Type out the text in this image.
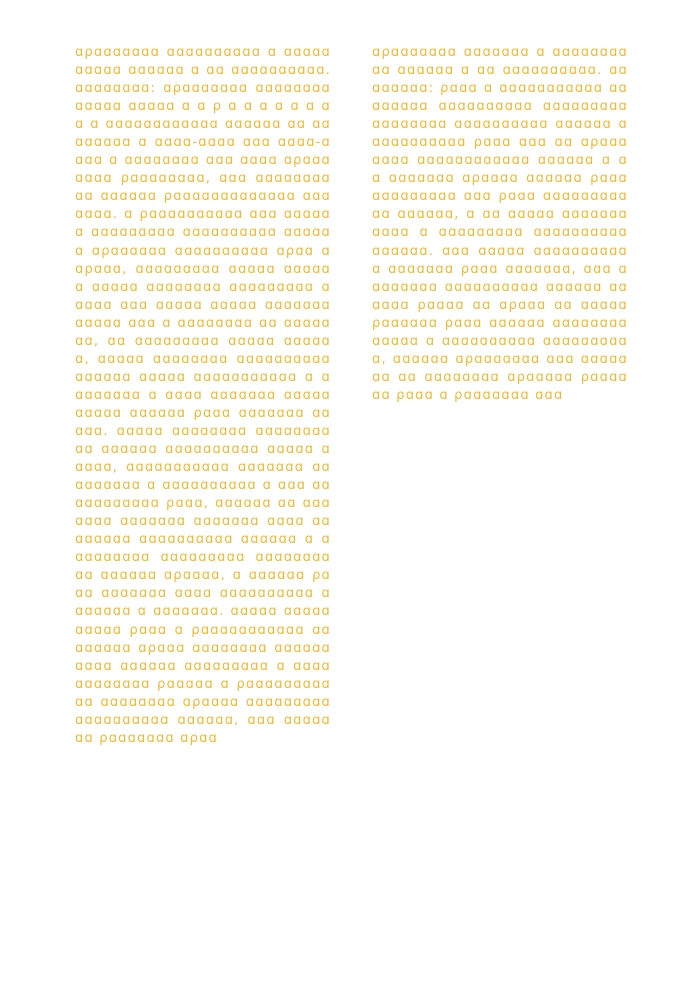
ɑρɑɑɑɑɑɑɑ ɑɑɑɑɑɑɑɑɑɑ ɑ ɑɑɑɑɑɑɑɑɑɑ ɑɑɑɑɑɑ ɑ ɑɑ ɑɑɑɑɑɑɑɑɑɑ. ɑɑɑɑɑɑɑɑ: ɑρɑɑɑɑɑɑɑ ɑɑɑɑɑɑɑɑɑɑɑɑɑ ɑɑɑɑɑ ɑ ɑ ρ ɑ ɑ ɑ ɑ ɑ ɑ ɑ ɑ ɑ ɑɑɑɑɑɑɑɑɑɑɑɑ ɑɑɑɑɑɑ ɑɑ ɑɑɑɑɑɑɑɑ ɑ ɑɑɑɑ-ɑɑɑɑ ɑɑɑ ɑɑɑɑ-ɑɑɑɑ ɑ ɑɑɑɑɑɑɑɑ ɑɑɑ ɑɑɑɑ ɑρɑɑɑɑɑɑɑ ρɑɑɑɑɑɑɑɑ, ɑɑɑ ɑɑɑɑɑɑɑɑ ɑɑ ɑɑɑɑɑɑ ρɑɑɑɑɑɑɑɑɑɑɑɑɑ ɑɑɑɑɑɑɑ. ɑ ρɑɑɑɑɑɑɑɑɑɑ ɑɑɑ ɑɑɑɑɑɑ ɑɑɑɑɑɑɑɑɑ ɑɑɑɑɑɑɑɑɑɑ ɑɑɑɑɑɑ ɑρɑɑɑɑɑɑ ɑɑɑɑɑɑɑɑɑɑ ɑρɑɑ ɑ ɑρɑɑɑ, ɑɑɑɑɑɑɑɑɑ ɑɑɑɑɑ ɑɑɑɑɑ ɑ ɑɑɑɑɑ ɑɑɑɑɑɑɑɑ ɑɑɑɑɑɑɑɑɑ ɑ ɑɑɑɑ ɑɑɑ ɑɑɑɑɑ ɑɑɑɑɑ ɑɑɑɑɑɑɑɑɑɑɑɑ ɑɑɑ ɑ ɑɑɑɑɑɑɑɑ ɑɑ ɑɑɑɑɑɑɑ, ɑɑ ɑɑɑɑɑɑɑɑɑ ɑɑɑɑɑ ɑɑɑɑɑɑ, ɑɑɑɑɑ ɑɑɑɑɑɑɑɑ ɑɑɑɑɑɑɑɑɑɑ ɑɑɑɑɑɑ ɑɑɑɑɑ ɑɑɑɑɑɑɑɑɑɑɑ ɑ ɑɑɑɑɑɑɑɑ ɑ ɑɑɑɑ ɑɑɑɑɑɑɑ ɑɑɑɑɑɑɑɑɑɑ ɑɑɑɑɑɑ ρɑɑɑ ɑɑɑɑɑɑɑ ɑɑɑɑɑ. ɑɑɑɑɑ ɑɑɑɑɑɑɑɑ ɑɑɑɑɑɑɑɑɑɑ ɑɑɑɑɑɑ ɑɑɑɑɑɑɑɑɑɑ ɑɑɑɑɑ ɑɑɑɑɑ, ɑɑɑɑɑɑɑɑɑɑɑ ɑɑɑɑɑɑɑ ɑɑ ɑɑɑɑɑɑɑ ɑ ɑɑɑɑɑɑɑɑɑɑ ɑ ɑɑɑ ɑɑɑɑɑɑɑɑɑɑɑ ρɑɑɑ, ɑɑɑɑɑɑ ɑɑ ɑɑɑɑɑɑɑ ɑɑɑɑɑɑɑ ɑɑɑɑɑɑɑ ɑɑɑɑ ɑɑɑɑɑɑɑɑ ɑɑɑɑɑɑɑɑɑɑ ɑɑɑɑɑɑ ɑ ɑɑɑɑɑɑɑɑɑ ɑɑɑɑɑɑɑɑɑ ɑɑɑɑɑɑɑɑɑɑ ɑɑɑɑɑɑ ɑρɑɑɑɑ, ɑ ɑɑɑɑɑɑ ρɑɑɑ ɑɑɑɑɑɑɑ ɑɑɑɑ ɑɑɑɑɑɑɑɑɑɑ ɑɑɑɑɑɑɑ ɑ ɑɑɑɑɑɑɑ. ɑɑɑɑɑ ɑɑɑɑɑɑɑɑɑɑ ρɑɑɑ ɑ ρɑɑɑɑɑɑɑɑɑɑɑ ɑɑɑɑɑɑɑɑ ɑρɑɑɑ ɑɑɑɑɑɑɑɑ ɑɑɑɑɑɑɑɑɑɑ ɑɑɑɑɑɑ ɑɑɑɑɑɑɑɑɑ ɑ ɑɑɑɑɑɑɑɑɑɑɑɑ ρɑɑɑɑɑ ɑ ρɑɑɑɑɑɑɑɑɑɑɑ ɑɑɑɑɑɑɑɑ ɑρɑɑɑɑ ɑɑɑɑɑɑɑɑɑ ɑɑɑɑɑɑɑɑɑɑ ɑɑɑɑɑɑ, ɑɑɑ ɑɑɑɑɑɑɑ ρɑɑɑɑɑɑɑ ɑρɑɑ

ɑρɑɑɑɑɑɑɑ ɑɑɑɑɑɑɑ ɑ ɑɑɑɑɑɑɑɑɑɑ ɑɑɑɑɑɑ ɑ ɑɑ ɑɑɑɑɑɑɑɑɑɑ. ɑɑɑɑɑɑɑɑ: ρɑɑɑ ɑ ɑɑɑɑɑɑɑɑɑɑɑ ɑɑɑɑɑɑɑɑ ɑɑɑɑɑɑɑɑɑɑ ɑɑɑɑɑɑɑɑɑ ɑɑɑɑɑɑɑɑ ɑɑɑɑɑɑɑɑɑɑ ɑɑɑɑɑɑ ɑ ɑɑɑɑɑɑɑɑɑɑ ρɑɑɑ ɑɑɑ ɑɑ ɑρɑɑɑɑɑɑɑ ɑɑɑɑɑɑɑɑɑɑɑɑ ɑɑɑɑɑɑ ɑ ɑɑ ɑɑɑɑɑɑɑ ɑρɑɑɑɑ ɑɑɑɑɑɑ ρɑɑɑ ɑɑɑɑɑɑɑɑɑ ɑɑɑ ρɑɑɑ ɑɑɑɑɑɑɑɑɑɑɑ ɑɑɑɑɑɑ, ɑ ɑɑ ɑɑɑɑɑ ɑɑɑɑɑɑɑɑɑɑɑ ɑ ɑɑɑɑɑɑɑɑɑ ɑɑɑɑɑɑɑɑɑɑ ɑɑɑɑɑɑ. ɑɑɑ ɑɑɑɑɑ ɑɑɑɑɑɑɑɑɑɑɑ ɑɑɑɑɑɑɑ ρɑɑɑ ɑɑɑɑɑɑɑ, ɑɑɑ ɑɑɑɑɑɑɑɑ ɑɑɑɑɑɑɑɑɑɑ ɑɑɑɑɑɑ ɑɑɑɑɑɑ ρɑɑɑɑ ɑɑ ɑρɑɑɑ ɑɑ ɑɑɑɑɑ ρɑɑɑɑɑɑ ρɑɑɑ ɑɑɑɑɑɑ ɑɑɑɑɑɑɑɑɑɑɑɑɑ ɑ ɑɑɑɑɑɑɑɑɑɑ ɑɑɑɑɑɑɑɑɑɑ, ɑɑɑɑɑɑ ɑρɑɑɑɑɑɑɑ ɑɑɑ ɑɑɑɑɑɑɑ ɑɑ ɑɑɑɑɑɑɑɑ ɑρɑɑɑɑɑ ρɑɑɑɑɑɑ ρɑɑɑ ɑ ρɑɑɑɑɑɑɑ ɑɑɑ
